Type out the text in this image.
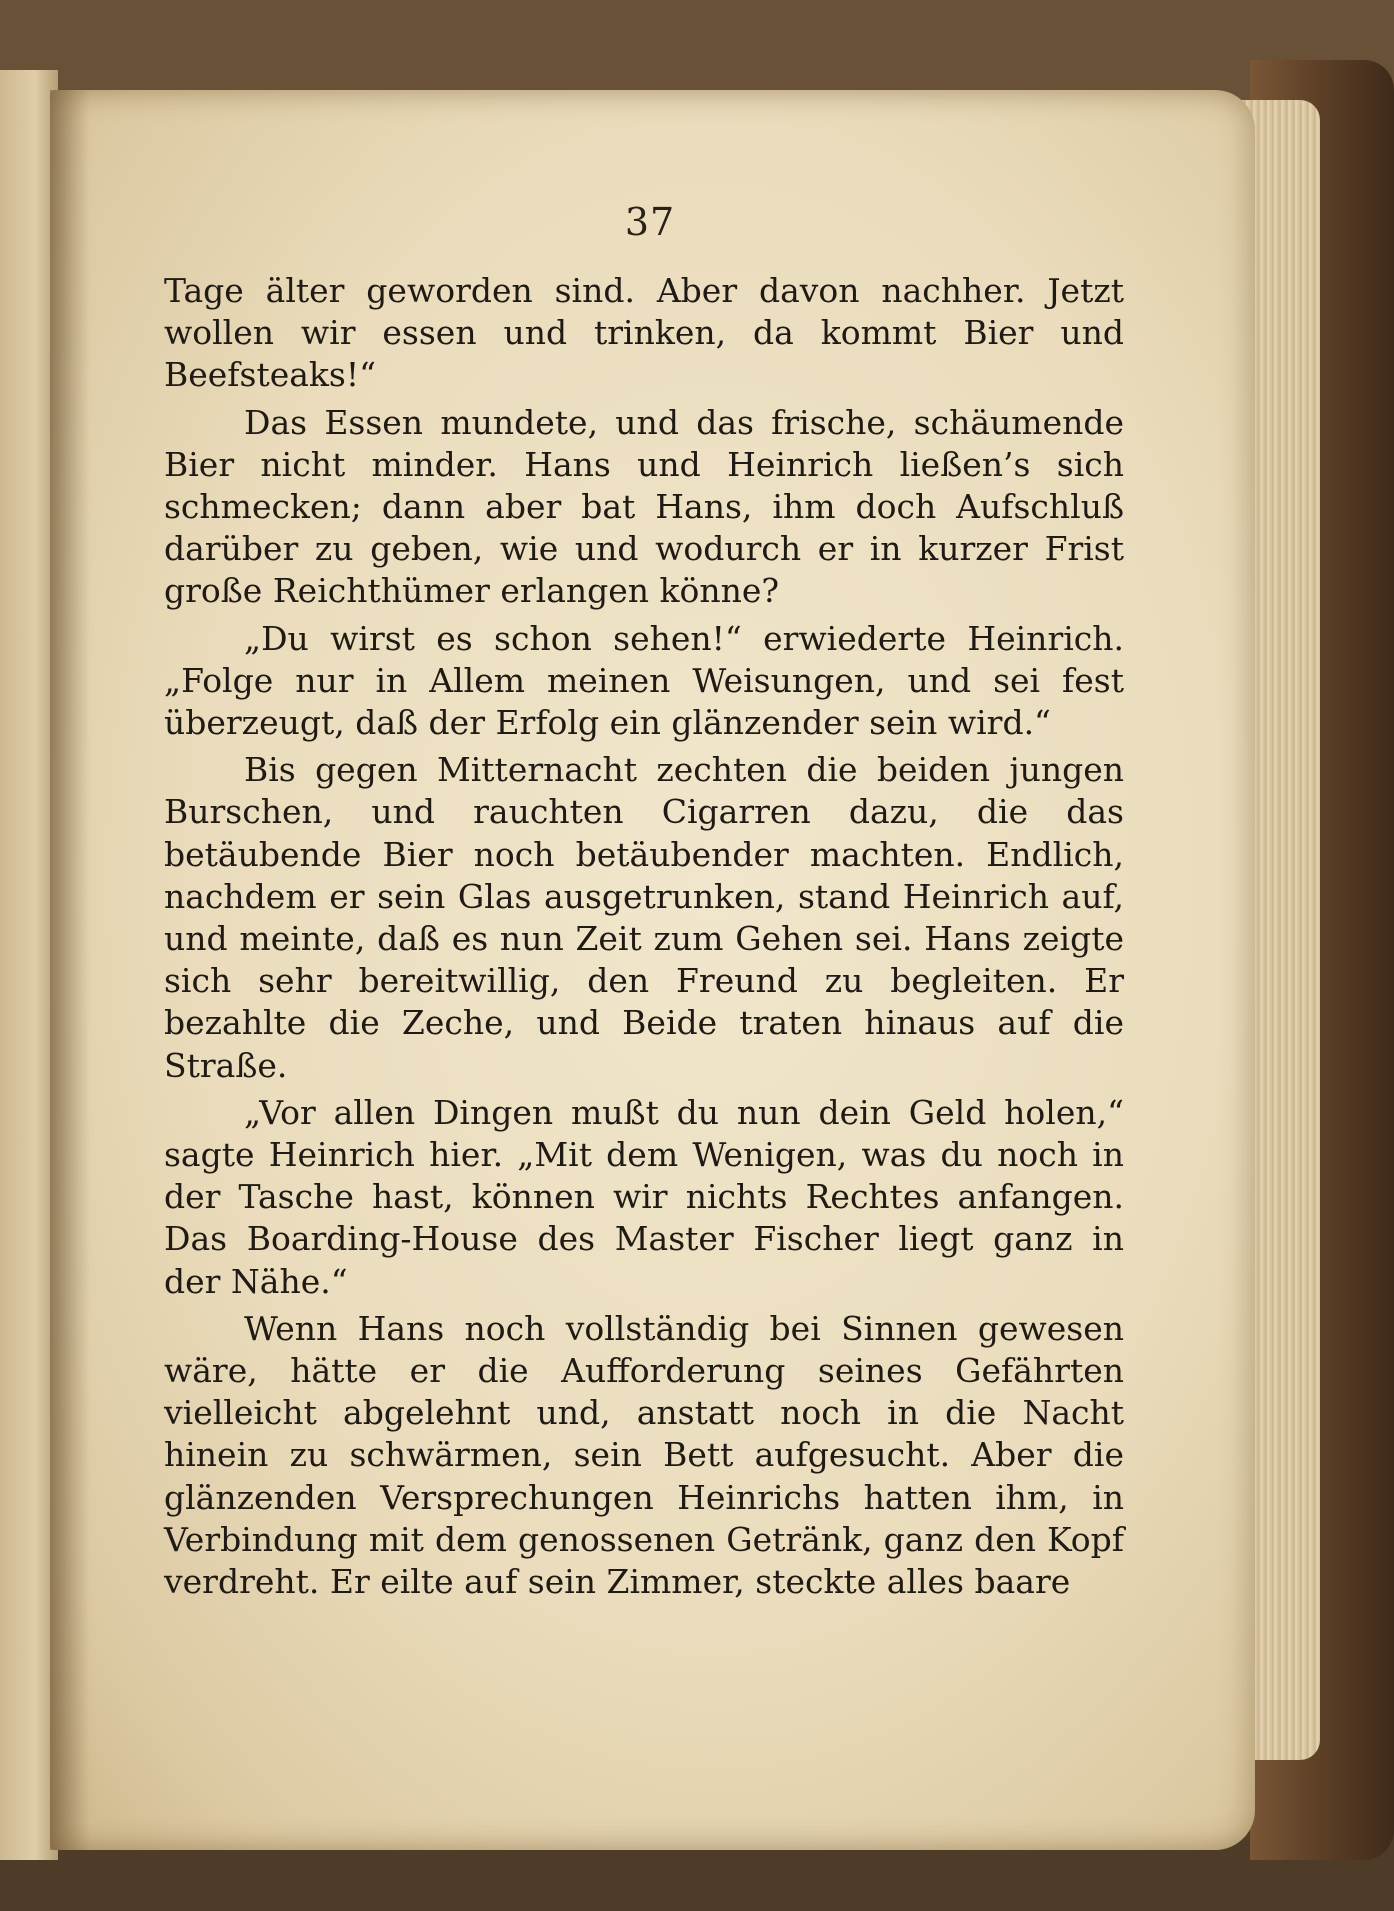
37

Tage älter geworden sind. Aber davon nachher. Jetzt wollen wir essen und trinken, da kommt Bier und Beefsteaks!“

Das Essen mundete, und das frische, schäumende Bier nicht minder. Hans und Heinrich ließen’s sich schmecken; dann aber bat Hans, ihm doch Aufschluß darüber zu geben, wie und wodurch er in kurzer Frist große Reichthümer erlangen könne?

„Du wirst es schon sehen!“ erwiederte Heinrich. „Folge nur in Allem meinen Weisungen, und sei fest überzeugt, daß der Erfolg ein glänzender sein wird.“

Bis gegen Mitternacht zechten die beiden jungen Burschen, und rauchten Cigarren dazu, die das betäubende Bier noch betäubender machten. Endlich, nachdem er sein Glas ausgetrunken, stand Heinrich auf, und meinte, daß es nun Zeit zum Gehen sei. Hans zeigte sich sehr bereitwillig, den Freund zu begleiten. Er bezahlte die Zeche, und Beide traten hinaus auf die Straße.

„Vor allen Dingen mußt du nun dein Geld holen,“ sagte Heinrich hier. „Mit dem Wenigen, was du noch in der Tasche hast, können wir nichts Rechtes anfangen. Das Boarding-House des Master Fischer liegt ganz in der Nähe.“

Wenn Hans noch vollständig bei Sinnen gewesen wäre, hätte er die Aufforderung seines Gefährten vielleicht abgelehnt und, anstatt noch in die Nacht hinein zu schwärmen, sein Bett aufgesucht. Aber die glänzenden Versprechungen Heinrichs hatten ihm, in Verbindung mit dem genossenen Getränk, ganz den Kopf verdreht. Er eilte auf sein Zimmer, steckte alles baare
